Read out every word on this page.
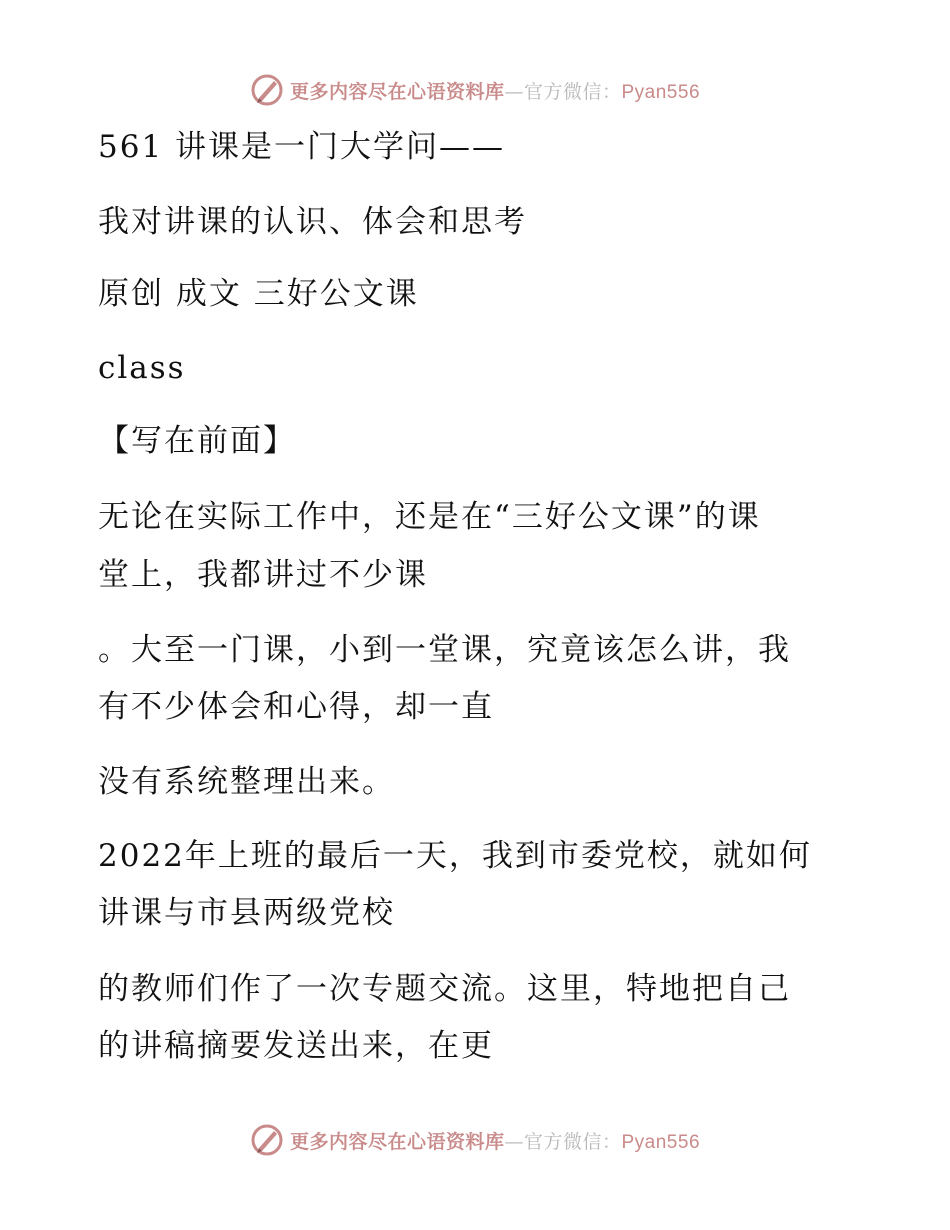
更多内容尽在心语资料库—官方微信：Pyan556
561 讲课是一门大学问——
我对讲课的认识、体会和思考
原创 成文 三好公文课
class
【写在前面】
无论在实际工作中，还是在“三好公文课”的课
堂上，我都讲过不少课
。大至一门课，小到一堂课，究竟该怎么讲，我
有不少体会和心得，却一直
没有系统整理出来。
2022年上班的最后一天，我到市委党校，就如何
讲课与市县两级党校
的教师们作了一次专题交流。这里，特地把自己
的讲稿摘要发送出来，在更
更多内容尽在心语资料库—官方微信：Pyan556
